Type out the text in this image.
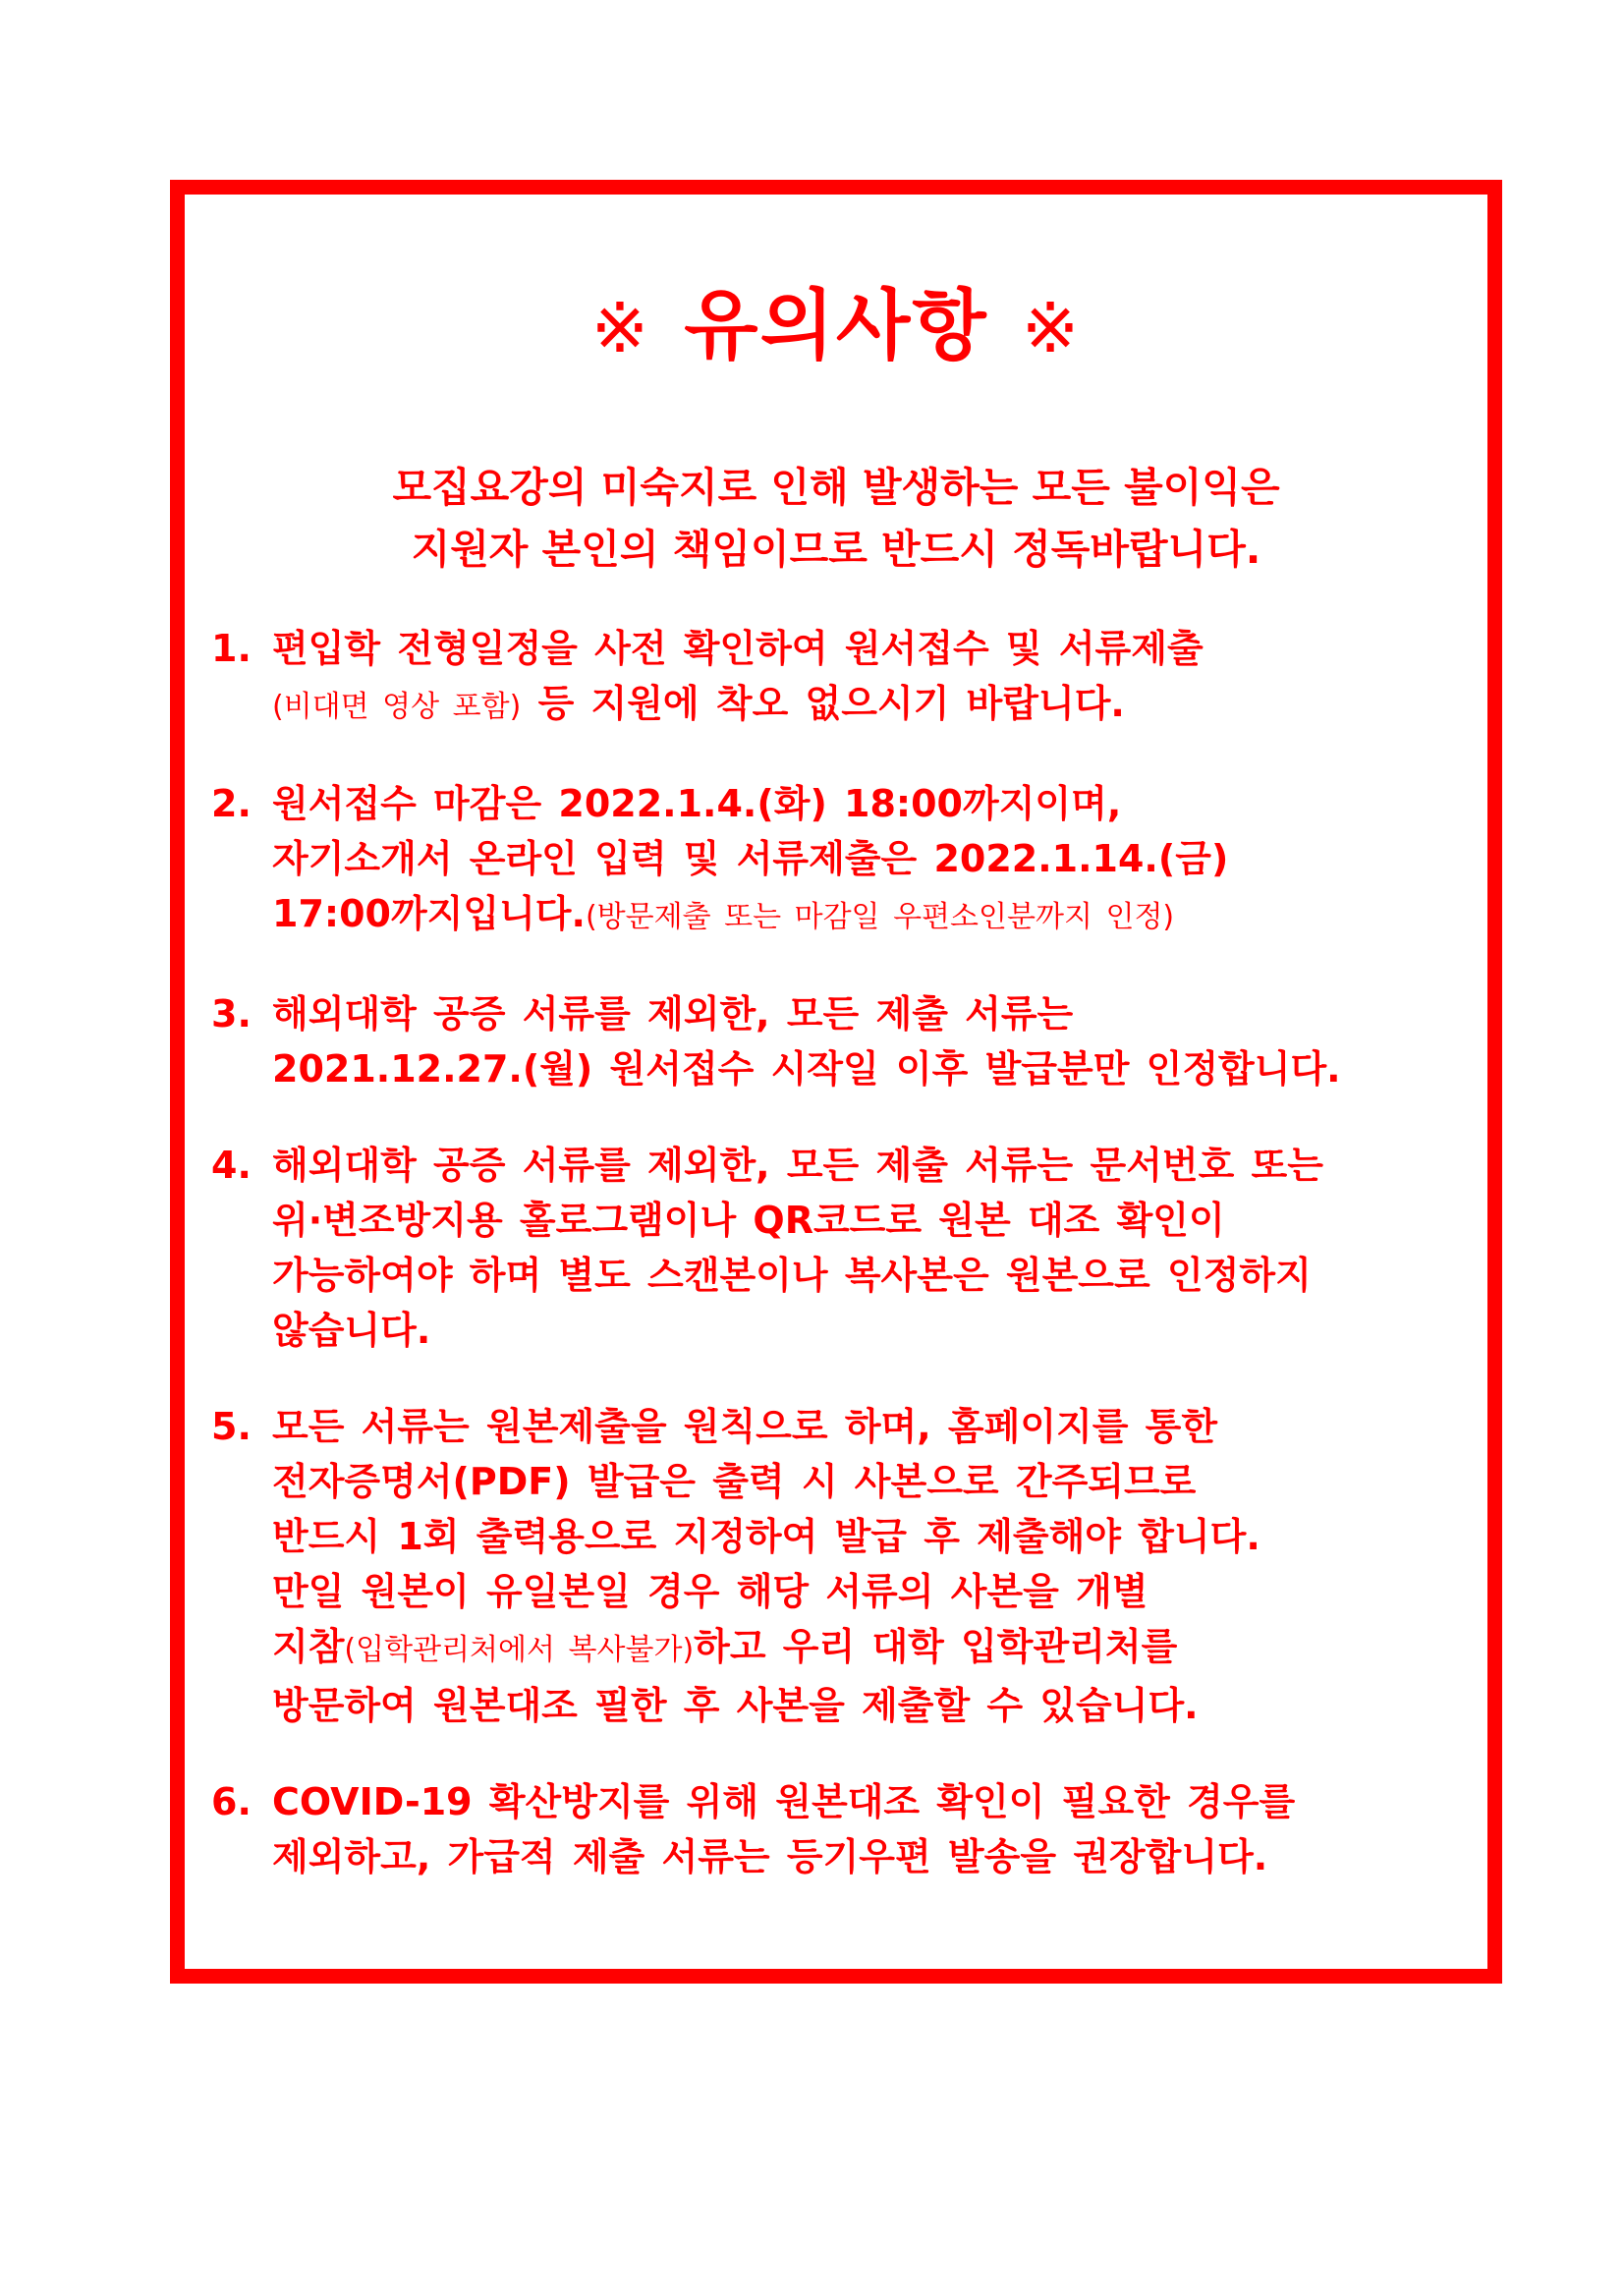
※ 유의사항 ※
모집요강의 미숙지로 인해 발생하는 모든 불이익은
지원자 본인의 책임이므로 반드시 정독바랍니다.
1. 편입학 전형일정을 사전 확인하여 원서접수 및 서류제출
(비대면 영상 포함) 등 지원에 착오 없으시기 바랍니다.
2. 원서접수 마감은 2022.1.4.(화) 18:00까지이며,
자기소개서 온라인 입력 및 서류제출은 2022.1.14.(금)
17:00까지입니다.(방문제출 또는 마감일 우편소인분까지 인정)
3. 해외대학 공증 서류를 제외한, 모든 제출 서류는
2021.12.27.(월) 원서접수 시작일 이후 발급분만 인정합니다.
4. 해외대학 공증 서류를 제외한, 모든 제출 서류는 문서번호 또는
위·변조방지용 홀로그램이나 QR코드로 원본 대조 확인이
가능하여야 하며 별도 스캔본이나 복사본은 원본으로 인정하지
않습니다.
5. 모든 서류는 원본제출을 원칙으로 하며, 홈페이지를 통한
전자증명서(PDF) 발급은 출력 시 사본으로 간주되므로
반드시 1회 출력용으로 지정하여 발급 후 제출해야 합니다.
만일 원본이 유일본일 경우 해당 서류의 사본을 개별
지참(입학관리처에서 복사불가)하고 우리 대학 입학관리처를
방문하여 원본대조 필한 후 사본을 제출할 수 있습니다.
6. COVID-19 확산방지를 위해 원본대조 확인이 필요한 경우를
제외하고, 가급적 제출 서류는 등기우편 발송을 권장합니다.
